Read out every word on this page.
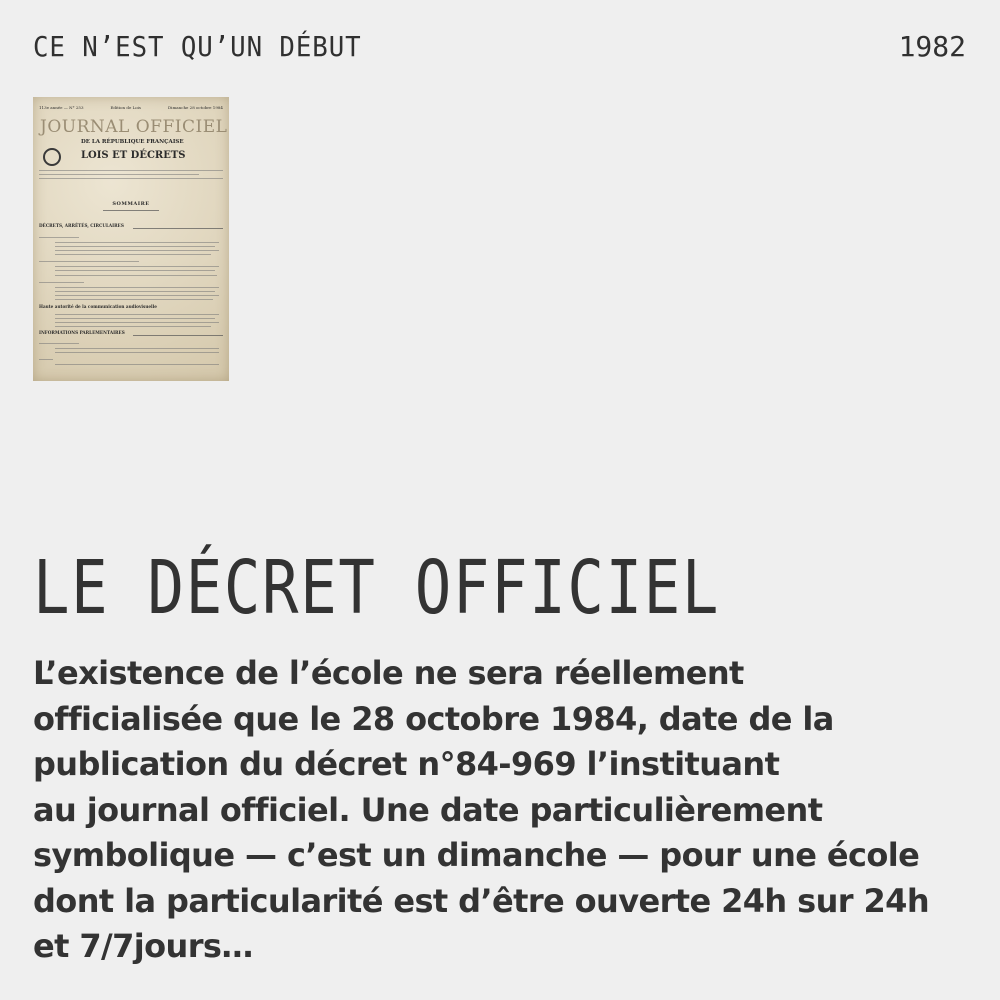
CE N’EST QU’UN DÉBUT	1982
113e année — N° 253	Edition de Lois	Dimanche 28 octobre 1984
JOURNAL OFFICIEL
DE LA RÉPUBLIQUE FRANÇAISE
LOIS ET DÉCRETS
SOMMAIRE
DÉCRETS, ARRÊTÉS, CIRCULAIRES
Haute autorité de la communication audiovisuelle
INFORMATIONS PARLEMENTAIRES
LE DÉCRET OFFICIEL
L’existence de l’école ne sera réellement
officialisée que le 28 octobre 1984, date de la
publication du décret n°84-969 l’instituant
au journal officiel. Une date particulièrement
symbolique — c’est un dimanche — pour une école
dont la particularité est d’être ouverte 24h sur 24h
et 7/7jours…
